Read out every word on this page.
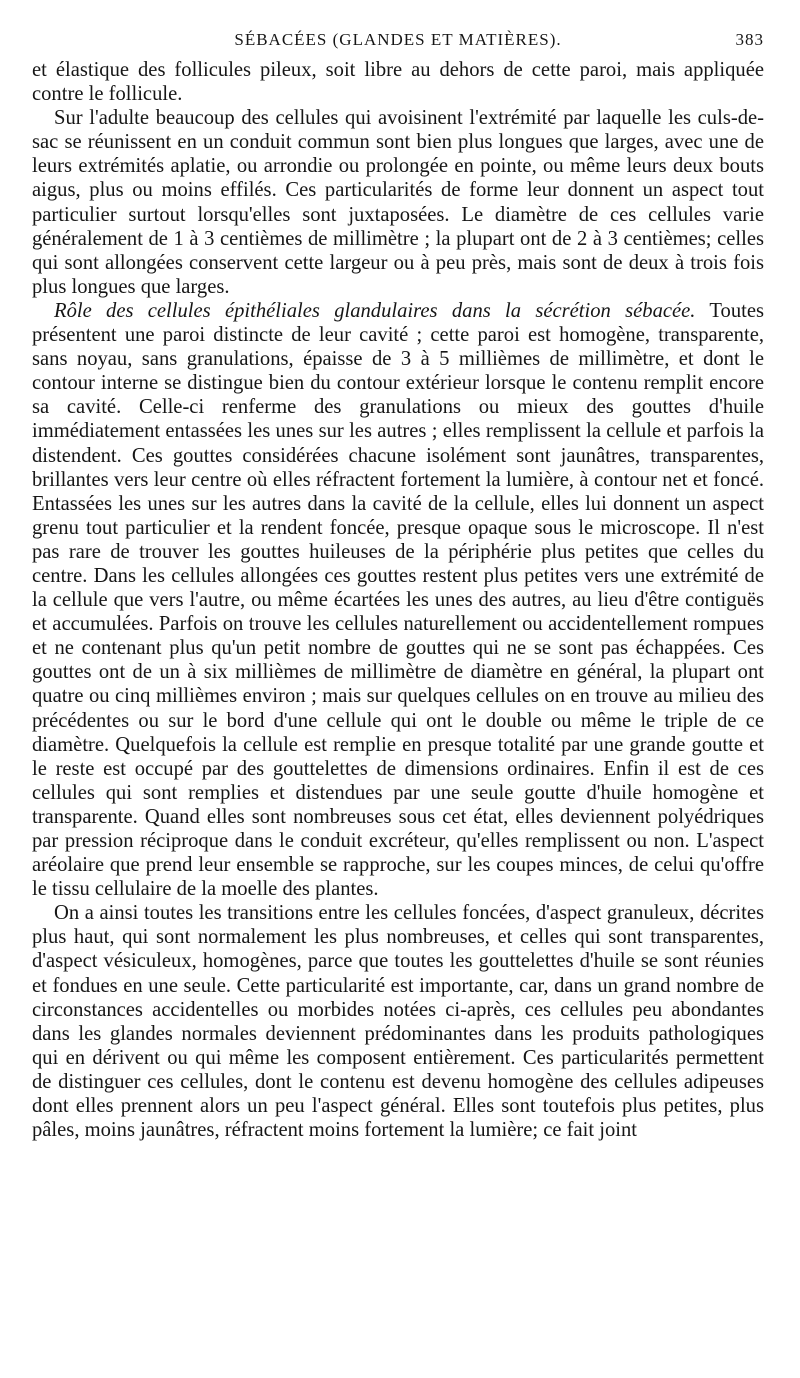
SÉBACÉES (GLANDES ET MATIÈRES).	383

et élastique des follicules pileux, soit libre au dehors de cette paroi, mais appliquée contre le follicule.

Sur l'adulte beaucoup des cellules qui avoisinent l'extrémité par laquelle les culs-de-sac se réunissent en un conduit commun sont bien plus longues que larges, avec une de leurs extrémités aplatie, ou arrondie ou prolongée en pointe, ou même leurs deux bouts aigus, plus ou moins effilés. Ces particularités de forme leur donnent un aspect tout particulier surtout lorsqu'elles sont juxtaposées. Le diamètre de ces cellules varie généralement de 1 à 3 centièmes de millimètre ; la plupart ont de 2 à 3 centièmes; celles qui sont allongées conservent cette largeur ou à peu près, mais sont de deux à trois fois plus longues que larges.

Rôle des cellules épithéliales glandulaires dans la sécrétion sébacée. Toutes présentent une paroi distincte de leur cavité ; cette paroi est homogène, transparente, sans noyau, sans granulations, épaisse de 3 à 5 millièmes de millimètre, et dont le contour interne se distingue bien du contour extérieur lorsque le contenu remplit encore sa cavité. Celle-ci renferme des granulations ou mieux des gouttes d'huile immédiatement entassées les unes sur les autres ; elles remplissent la cellule et parfois la distendent. Ces gouttes considérées chacune isolément sont jaunâtres, transparentes, brillantes vers leur centre où elles réfractent fortement la lumière, à contour net et foncé. Entassées les unes sur les autres dans la cavité de la cellule, elles lui donnent un aspect grenu tout particulier et la rendent foncée, presque opaque sous le microscope. Il n'est pas rare de trouver les gouttes huileuses de la périphérie plus petites que celles du centre. Dans les cellules allongées ces gouttes restent plus petites vers une extrémité de la cellule que vers l'autre, ou même écartées les unes des autres, au lieu d'être contiguës et accumulées. Parfois on trouve les cellules naturellement ou accidentellement rompues et ne contenant plus qu'un petit nombre de gouttes qui ne se sont pas échappées. Ces gouttes ont de un à six millièmes de millimètre de diamètre en général, la plupart ont quatre ou cinq millièmes environ ; mais sur quelques cellules on en trouve au milieu des précédentes ou sur le bord d'une cellule qui ont le double ou même le triple de ce diamètre. Quelquefois la cellule est remplie en presque totalité par une grande goutte et le reste est occupé par des gouttelettes de dimensions ordinaires. Enfin il est de ces cellules qui sont remplies et distendues par une seule goutte d'huile homogène et transparente. Quand elles sont nombreuses sous cet état, elles deviennent polyédriques par pression réciproque dans le conduit excréteur, qu'elles remplissent ou non. L'aspect aréolaire que prend leur ensemble se rapproche, sur les coupes minces, de celui qu'offre le tissu cellulaire de la moelle des plantes.

On a ainsi toutes les transitions entre les cellules foncées, d'aspect granuleux, décrites plus haut, qui sont normalement les plus nombreuses, et celles qui sont transparentes, d'aspect vésiculeux, homogènes, parce que toutes les gouttelettes d'huile se sont réunies et fondues en une seule. Cette particularité est importante, car, dans un grand nombre de circonstances accidentelles ou morbides notées ci-après, ces cellules peu abondantes dans les glandes normales deviennent prédominantes dans les produits pathologiques qui en dérivent ou qui même les composent entièrement. Ces particularités permettent de distinguer ces cellules, dont le contenu est devenu homogène des cellules adipeuses dont elles prennent alors un peu l'aspect général. Elles sont toutefois plus petites, plus pâles, moins jaunâtres, réfractent moins fortement la lumière; ce fait joint
